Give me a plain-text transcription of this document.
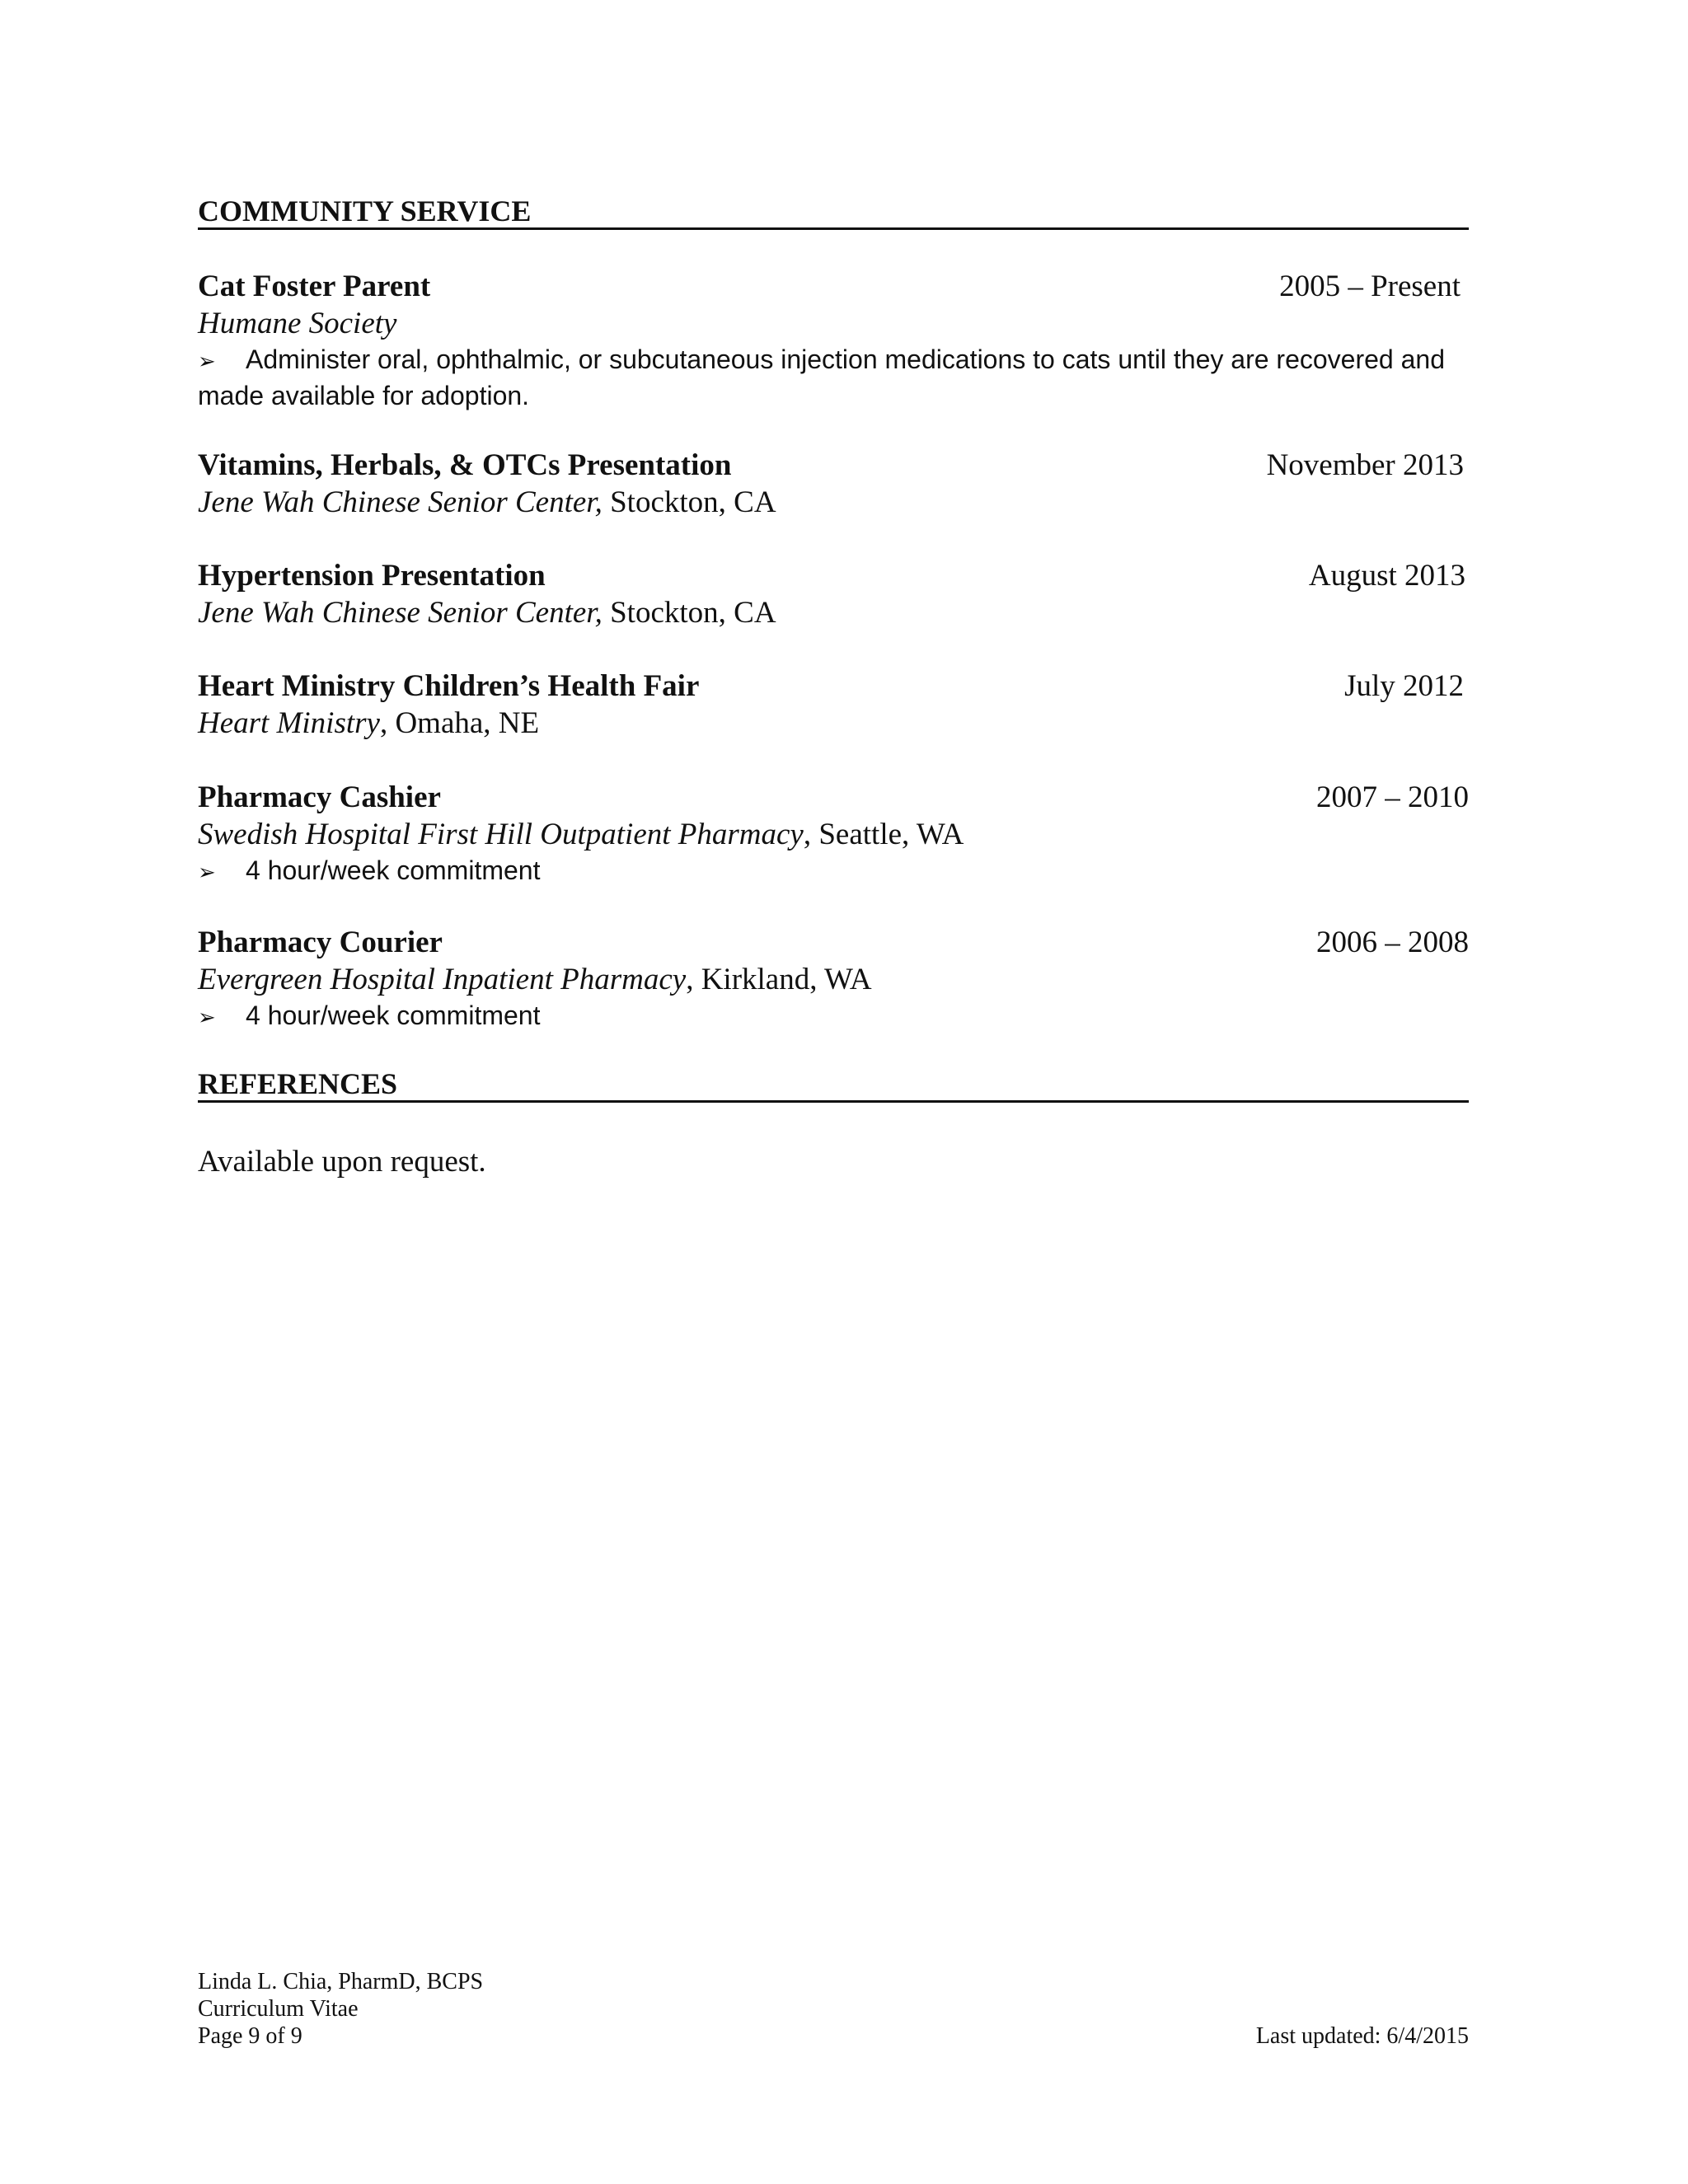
COMMUNITY SERVICE
Cat Foster Parent	2005 – Present
Humane Society
➢ Administer oral, ophthalmic, or subcutaneous injection medications to cats until they are recovered and made available for adoption.
Vitamins, Herbals, & OTCs Presentation	November 2013
Jene Wah Chinese Senior Center, Stockton, CA
Hypertension Presentation	August 2013
Jene Wah Chinese Senior Center, Stockton, CA
Heart Ministry Children’s Health Fair	July 2012
Heart Ministry, Omaha, NE
Pharmacy Cashier	2007 – 2010
Swedish Hospital First Hill Outpatient Pharmacy, Seattle, WA
➢ 4 hour/week commitment
Pharmacy Courier	2006 – 2008
Evergreen Hospital Inpatient Pharmacy, Kirkland, WA
➢ 4 hour/week commitment
REFERENCES
Available upon request.
Linda L. Chia, PharmD, BCPS
Curriculum Vitae
Page 9 of 9	Last updated: 6/4/2015
